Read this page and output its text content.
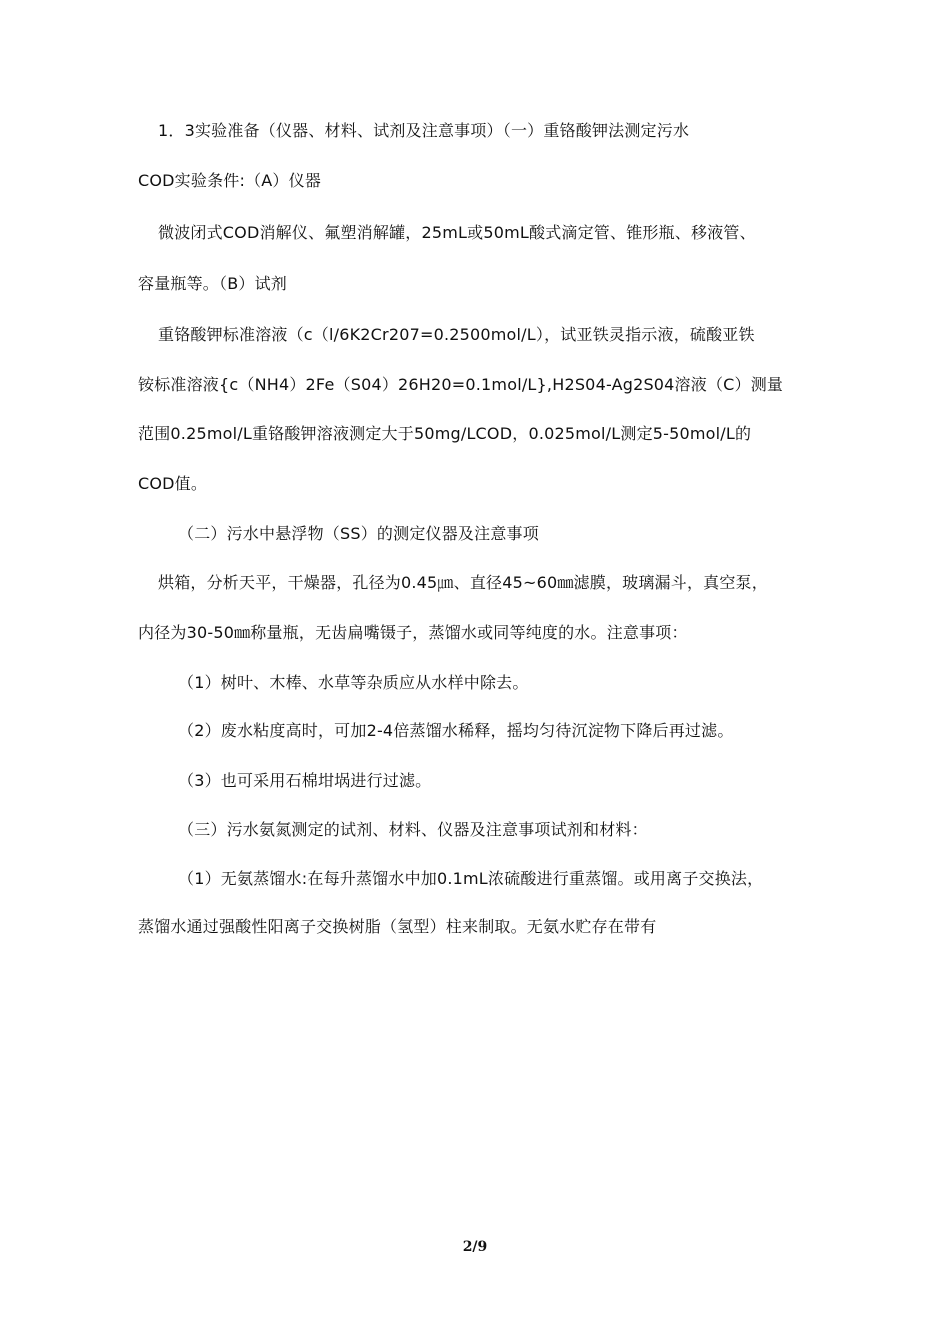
1．3实验准备（仪器、材料、试剂及注意事项）（一）重铬酸钾法测定污水
COD实验条件:（A）仪器
微波闭式COD消解仪、氟塑消解罐，25mL或50mL酸式滴定管、锥形瓶、移液管、
容量瓶等。（B）试剂
重铬酸钾标准溶液（c（l/6K2Cr207=0.2500mol/L），试亚铁灵指示液，硫酸亚铁
铵标准溶液{c（NH4）2Fe（S04）26H20=0.1mol/L},H2S04-Ag2S04溶液（C）测量
范围0.25mol/L重铬酸钾溶液测定大于50mg/LCOD，0.025mol/L测定5-50mol/L的
COD值。
（二）污水中悬浮物（SS）的测定仪器及注意事项
烘箱，分析天平，干燥器，孔径为0.45㎛、直径45~60㎜滤膜，玻璃漏斗，真空泵，
内径为30-50㎜称量瓶，无齿扁嘴镊子，蒸馏水或同等纯度的水。注意事项：
（1）树叶、木棒、水草等杂质应从水样中除去。
（2）废水粘度高时，可加2-4倍蒸馏水稀释，摇均匀待沉淀物下降后再过滤。
（3）也可采用石棉坩埚进行过滤。
（三）污水氨氮测定的试剂、材料、仪器及注意事项试剂和材料：
（1）无氨蒸馏水:在每升蒸馏水中加0.1mL浓硫酸进行重蒸馏。或用离子交换法，
蒸馏水通过强酸性阳离子交换树脂（氢型）柱来制取。无氨水贮存在带有
2/9
